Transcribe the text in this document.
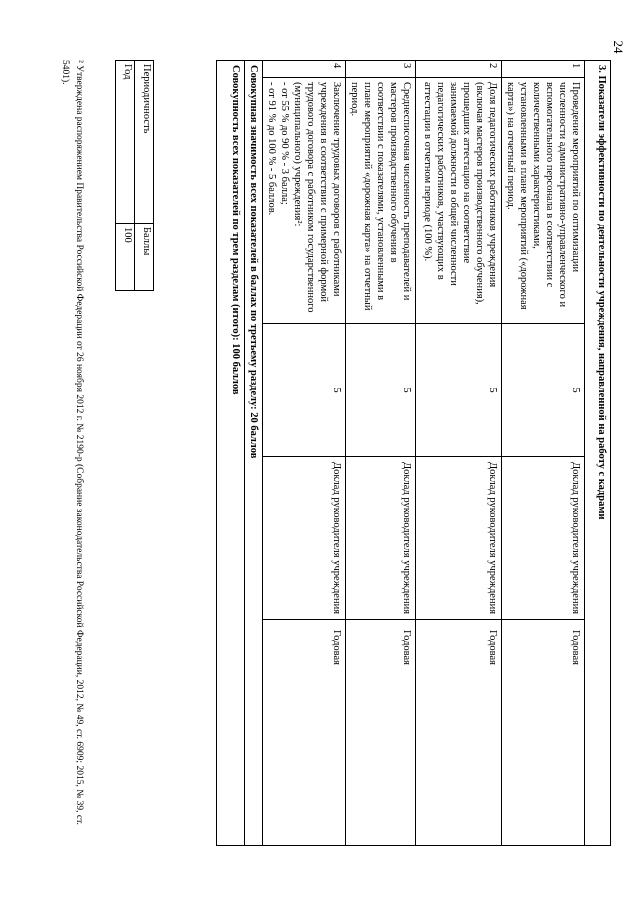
24
3. Показатели эффективности по деятельности учреждения, направленной на работу с кадрами				
1	Проведение мероприятий по оптимизации численности административно-управленческого и вспомогательного персонала в соответствии с количественными характеристиками, установленными в плане мероприятий («дорожная карта») на отчетный период.	5	Доклад руководителя учреждения	Годовая
2	Доля педагогических работников учреждения (включая мастеров производственного обучения), прошедших аттестацию на соответствие занимаемой должности в общей численности педагогических работников, участвующих в аттестации в отчетном периоде (100 %).	5	Доклад руководителя учреждения	Годовая
3	Среднесписочная численность преподавателей и мастеров производственного обучения в соответствии с показателями, установленными в плане мероприятий «дорожная карта» на отчетный период.	5	Доклад руководителя учреждения	Годовая
4	Заключение трудовых договоров с работниками учреждения в соответствии с примерной формой трудового договора с работником государственного (муниципального) учреждения²:
- от 55 % до 90 % - 3 балла;
- от 91 % до 100 % - 5 баллов.	5	Доклад руководителя учреждения	Годовая
Совокупная значимость всех показателей в баллах по третьему разделу: 20 баллов				
Совокупность всех показателей по трем разделам (итого): 100 баллов				
Периодичность	Баллы
Год	100
² Утверждена распоряжением Правительства Российской Федерации от 26 ноября 2012 г. № 2190-р (Собрание законодательства Российской Федерации, 2012, № 49, ст. 6909; 2015, № 39, ст. 5401).
